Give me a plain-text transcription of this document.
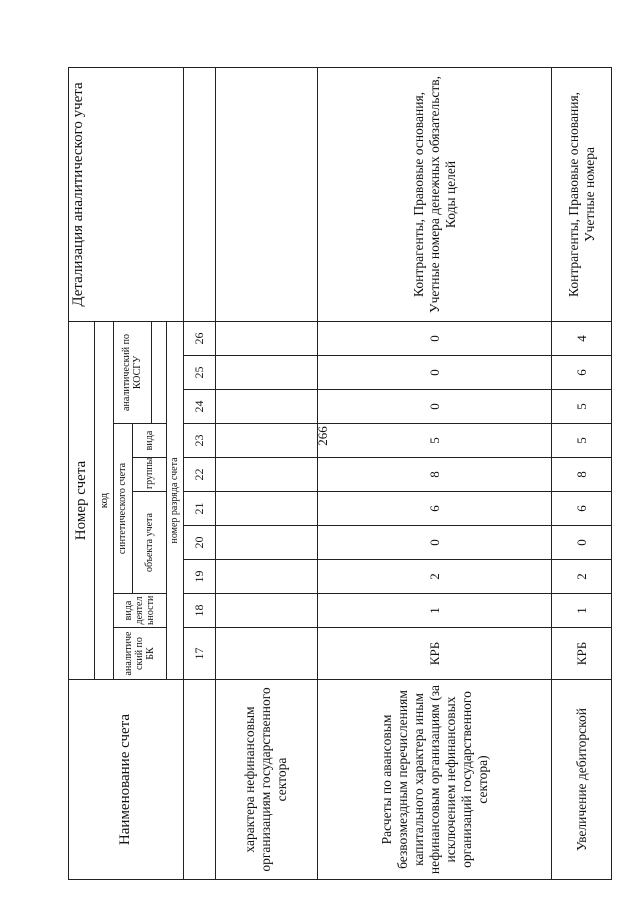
266
Наименование счета	Номер счета										Детализация аналитического учета
	код										
	аналитиче ский по БК	вида деятел ьности	синтетического счета					аналитический по КОСГУ			
			объекта учета			группы	вида				

	номер разряда счета										
	17	18	19	20	21	22	23	24	25	26	
характера нефинансовым организациям государственного сектора											
Расчеты по авансовым безвозмездным перечислениям капитального характера иным нефинансовым организациям (за исключением нефинансовых организаций государственного сектора)	КРБ	1	2	0	6	8	5	0	0	0	Контрагенты, Правовые основания, Учетные номера денежных обязательств, Коды целей
Увеличение дебиторской	КРБ	1	2	0	6	8	5	5	6	4	Контрагенты, Правовые основания, Учетные номера
